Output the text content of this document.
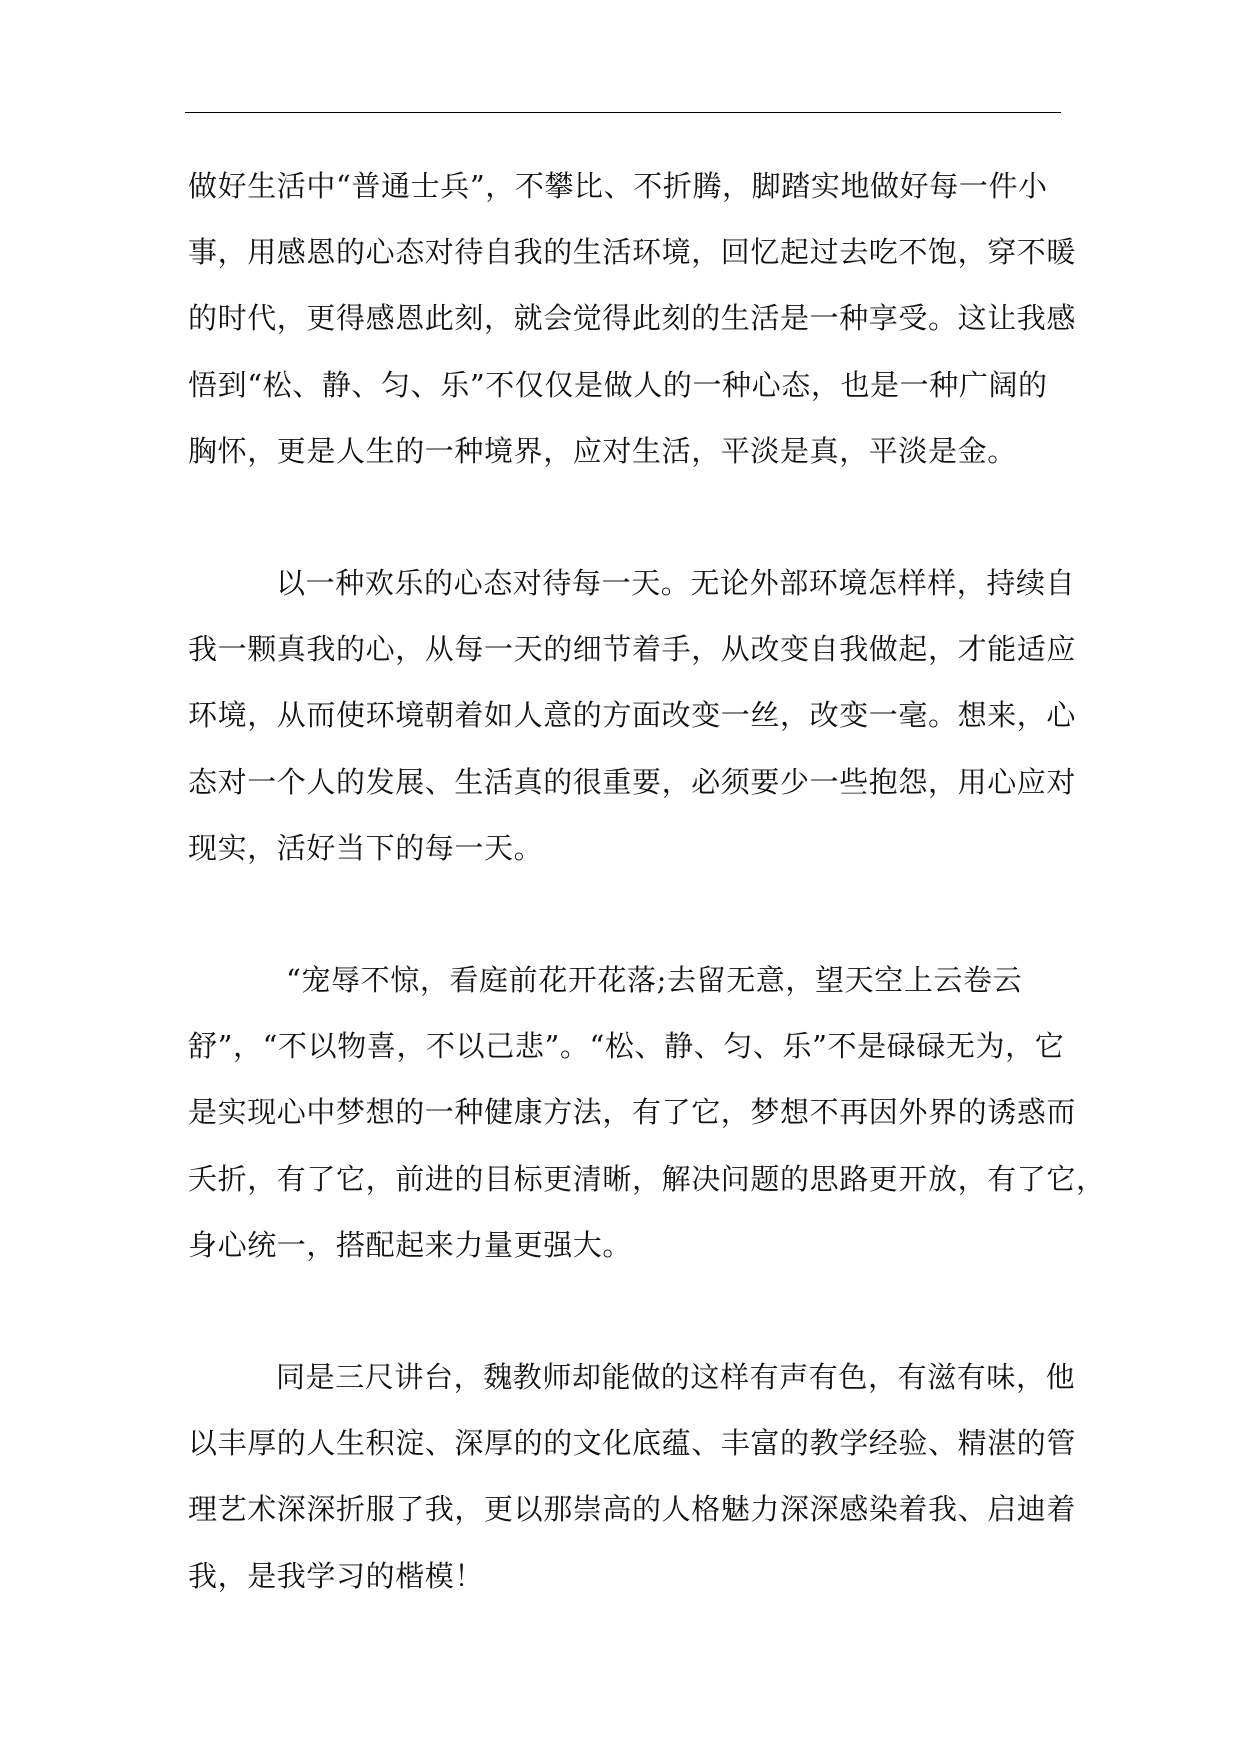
做好生活中“普通士兵”，不攀比、不折腾，脚踏实地做好每一件小
事，用感恩的心态对待自我的生活环境，回忆起过去吃不饱，穿不暖
的时代，更得感恩此刻，就会觉得此刻的生活是一种享受。这让我感
悟到“松、静、匀、乐”不仅仅是做人的一种心态，也是一种广阔的
胸怀，更是人生的一种境界，应对生活，平淡是真，平淡是金。

以一种欢乐的心态对待每一天。无论外部环境怎样样，持续自
我一颗真我的心，从每一天的细节着手，从改变自我做起，才能适应
环境，从而使环境朝着如人意的方面改变一丝，改变一毫。想来，心
态对一个人的发展、生活真的很重要，必须要少一些抱怨，用心应对
现实，活好当下的每一天。

“宠辱不惊，看庭前花开花落;去留无意，望天空上云卷云
舒”，“不以物喜，不以己悲”。“松、静、匀、乐”不是碌碌无为，它
是实现心中梦想的一种健康方法，有了它，梦想不再因外界的诱惑而
夭折，有了它，前进的目标更清晰，解决问题的思路更开放，有了它，
身心统一，搭配起来力量更强大。

同是三尺讲台，魏教师却能做的这样有声有色，有滋有味，他
以丰厚的人生积淀、深厚的的文化底蕴、丰富的教学经验、精湛的管
理艺术深深折服了我，更以那崇高的人格魅力深深感染着我、启迪着
我，是我学习的楷模！
